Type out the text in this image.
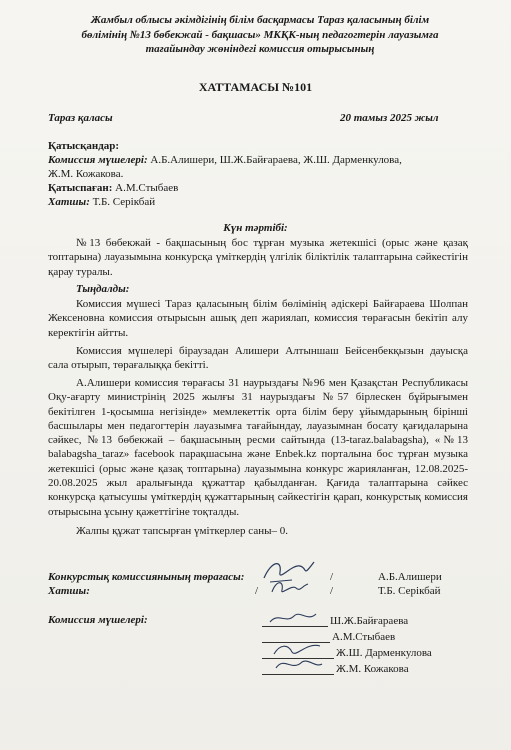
Жамбыл облысы әкімдігінің білім басқармасы Тараз қаласының білім
бөлімінің №13 бөбекжай - бақшасы» МКҚК-ның педагогтерін лауазымға
тағайындау жөніндегі комиссия отырысының
ХАТТАМАСЫ №101
Тараз қаласы	20 тамыз 2025 жыл
Қатысқандар:
Комиссия мүшелері: А.Б.Алишери, Ш.Ж.Байғараева, Ж.Ш. Дарменкулова,
Ж.М. Кожакова.
Қатыспаған: А.М.Стыбаев
Хатшы: Т.Б. Серікбай
Күн тәртібі:
№13 бөбекжай - бақшасының бос тұрған музыка жетекшісі (орыс және қазақ топтарына) лауазымына конкурсқа үміткердің үлгілік біліктілік талаптарына сәйкестігін қарау туралы.
Тыңдалды:
Комиссия мүшесі Тараз қаласының білім бөлімінің әдіскері Байғараева Шолпан Жексеновна комиссия отырысын ашық деп жариялап, комиссия төрағасын бекітіп алу керектігін айтты.
Комиссия мүшелері біраузадан Алишери Алтыншаш Бейсенбекқызын дауысқа сала отырып, төрағалыққа бекітті.
А.Алишери комиссия төрағасы 31 наурыздағы №96 мен Қазақстан Республикасы Оқу-ағарту министрінің 2025 жылғы 31 наурыздағы №57 бірлескен бұйрығымен бекітілген 1-қосымша негізінде» мемлекеттік орта білім беру ұйымдарының бірінші басшылары мен педагогтерін лауазымға тағайындау, лауазымнан босату қағидаларына сәйкес, №13 бөбекжай – бақшасының ресми сайтында (13-taraz.balabagsha), «№13 balabagsha_taraz» facebook парақшасына және Enbek.kz порталына бос тұрған музыка жетекшісі (орыс және қазақ топтарына) лауазымына конкурс жарияланған, 12.08.2025-20.08.2025 жыл аралығында құжаттар қабылданған. Қағида талаптарына сәйкес конкурсқа қатысушы үміткердің құжаттарының сәйкестігін қарап, конкурстық комиссия отырысына ұсыну қажеттігіне тоқталды.
Жалпы құжат тапсырған үміткерлер саны– 0.
Конкурстық комиссиянының төрағасы:	/	А.Б.Алишери
Хатшы:	/	/	Т.Б. Серікбай
Комиссия мүшелері:	Ш.Ж.Байғараева
А.М.Стыбаев
Ж.Ш. Дарменкулова
Ж.М. Кожакова
